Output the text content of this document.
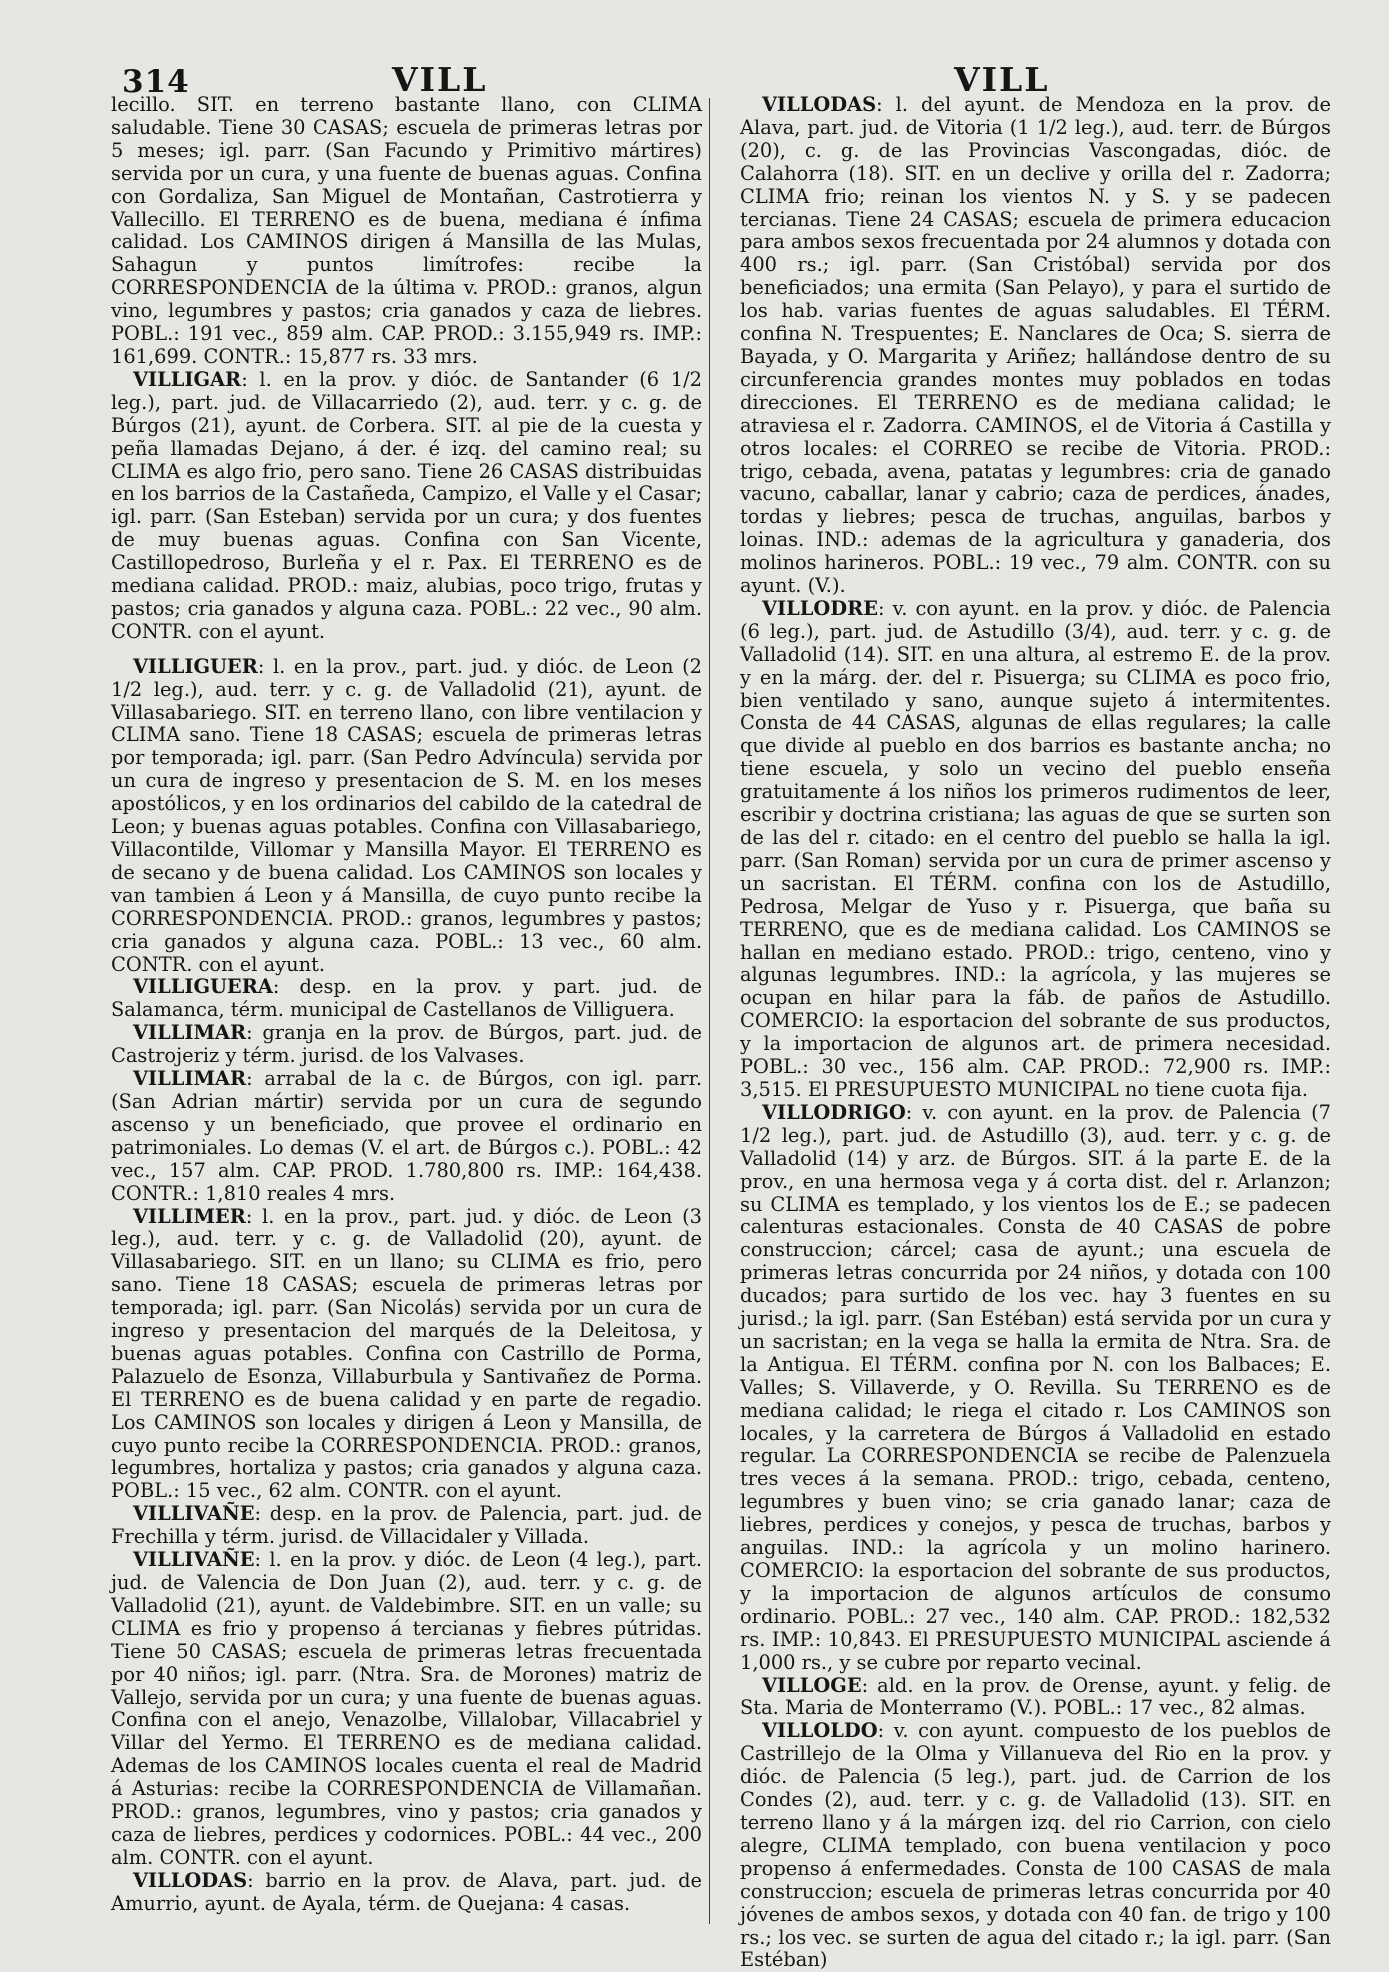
314	VILL	VILL

lecillo. SIT. en terreno bastante llano, con CLIMA saludable. Tiene 30 CASAS; escuela de primeras letras por 5 meses; igl. parr. (San Facundo y Primitivo mártires) servida por un cura, y una fuente de buenas aguas. Confina con Gordaliza, San Miguel de Montañan, Castrotierra y Vallecillo. El TERRENO es de buena, mediana é ínfima calidad. Los CAMINOS dirigen á Mansilla de las Mulas, Sahagun y puntos limítrofes: recibe la CORRESPONDENCIA de la última v. PROD.: granos, algun vino, legumbres y pastos; cria ganados y caza de liebres. POBL.: 191 vec., 859 alm. CAP. PROD.: 3.155,949 rs. IMP.: 161,699. CONTR.: 15,877 rs. 33 mrs.

VILLIGAR: l. en la prov. y dióc. de Santander (6 1/2 leg.), part. jud. de Villacarriedo (2), aud. terr. y c. g. de Búrgos (21), ayunt. de Corbera. SIT. al pie de la cuesta y peña llamadas Dejano, á der. é izq. del camino real; su CLIMA es algo frio, pero sano. Tiene 26 CASAS distribuidas en los barrios de la Castañeda, Campizo, el Valle y el Casar; igl. parr. (San Esteban) servida por un cura; y dos fuentes de muy buenas aguas. Confina con San Vicente, Castillopedroso, Burleña y el r. Pax. El TERRENO es de mediana calidad. PROD.: maiz, alubias, poco trigo, frutas y pastos; cria ganados y alguna caza. POBL.: 22 vec., 90 alm. CONTR. con el ayunt.

VILLIGUER: l. en la prov., part. jud. y dióc. de Leon (2 1/2 leg.), aud. terr. y c. g. de Valladolid (21), ayunt. de Villasabariego. SIT. en terreno llano, con libre ventilacion y CLIMA sano. Tiene 18 CASAS; escuela de primeras letras por temporada; igl. parr. (San Pedro Advíncula) servida por un cura de ingreso y presentacion de S. M. en los meses apostólicos, y en los ordinarios del cabildo de la catedral de Leon; y buenas aguas potables. Confina con Villasabariego, Villacontilde, Villomar y Mansilla Mayor. El TERRENO es de secano y de buena calidad. Los CAMINOS son locales y van tambien á Leon y á Mansilla, de cuyo punto recibe la CORRESPONDENCIA. PROD.: granos, legumbres y pastos; cria ganados y alguna caza. POBL.: 13 vec., 60 alm. CONTR. con el ayunt.

VILLIGUERA: desp. en la prov. y part. jud. de Salamanca, térm. municipal de Castellanos de Villiguera.

VILLIMAR: granja en la prov. de Búrgos, part. jud. de Castrojeriz y térm. jurisd. de los Valvases.

VILLIMAR: arrabal de la c. de Búrgos, con igl. parr. (San Adrian mártir) servida por un cura de segundo ascenso y un beneficiado, que provee el ordinario en patrimoniales. Lo demas (V. el art. de Búrgos c.). POBL.: 42 vec., 157 alm. CAP. PROD. 1.780,800 rs. IMP.: 164,438. CONTR.: 1,810 reales 4 mrs.

VILLIMER: l. en la prov., part. jud. y dióc. de Leon (3 leg.), aud. terr. y c. g. de Valladolid (20), ayunt. de Villasabariego. SIT. en un llano; su CLIMA es frio, pero sano. Tiene 18 CASAS; escuela de primeras letras por temporada; igl. parr. (San Nicolás) servida por un cura de ingreso y presentacion del marqués de la Deleitosa, y buenas aguas potables. Confina con Castrillo de Porma, Palazuelo de Esonza, Villaburbula y Santivañez de Porma. El TERRENO es de buena calidad y en parte de regadio. Los CAMINOS son locales y dirigen á Leon y Mansilla, de cuyo punto recibe la CORRESPONDENCIA. PROD.: granos, legumbres, hortaliza y pastos; cria ganados y alguna caza. POBL.: 15 vec., 62 alm. CONTR. con el ayunt.

VILLIVAÑE: desp. en la prov. de Palencia, part. jud. de Frechilla y térm. jurisd. de Villacidaler y Villada.

VILLIVAÑE: l. en la prov. y dióc. de Leon (4 leg.), part. jud. de Valencia de Don Juan (2), aud. terr. y c. g. de Valladolid (21), ayunt. de Valdebimbre. SIT. en un valle; su CLIMA es frio y propenso á tercianas y fiebres pútridas. Tiene 50 CASAS; escuela de primeras letras frecuentada por 40 niños; igl. parr. (Ntra. Sra. de Morones) matriz de Vallejo, servida por un cura; y una fuente de buenas aguas. Confina con el anejo, Venazolbe, Villalobar, Villacabriel y Villar del Yermo. El TERRENO es de mediana calidad. Ademas de los CAMINOS locales cuenta el real de Madrid á Asturias: recibe la CORRESPONDENCIA de Villamañan. PROD.: granos, legumbres, vino y pastos; cria ganados y caza de liebres, perdices y codornices. POBL.: 44 vec., 200 alm. CONTR. con el ayunt.

VILLODAS: barrio en la prov. de Alava, part. jud. de Amurrio, ayunt. de Ayala, térm. de Quejana: 4 casas.

VILLODAS: l. del ayunt. de Mendoza en la prov. de Alava, part. jud. de Vitoria (1 1/2 leg.), aud. terr. de Búrgos (20), c. g. de las Provincias Vascongadas, dióc. de Calahorra (18). SIT. en un declive y orilla del r. Zadorra; CLIMA frio; reinan los vientos N. y S. y se padecen tercianas. Tiene 24 CASAS; escuela de primera educacion para ambos sexos frecuentada por 24 alumnos y dotada con 400 rs.; igl. parr. (San Cristóbal) servida por dos beneficiados; una ermita (San Pelayo), y para el surtido de los hab. varias fuentes de aguas saludables. El TÉRM. confina N. Trespuentes; E. Nanclares de Oca; S. sierra de Bayada, y O. Margarita y Ariñez; hallándose dentro de su circunferencia grandes montes muy poblados en todas direcciones. El TERRENO es de mediana calidad; le atraviesa el r. Zadorra. CAMINOS, el de Vitoria á Castilla y otros locales: el CORREO se recibe de Vitoria. PROD.: trigo, cebada, avena, patatas y legumbres: cria de ganado vacuno, caballar, lanar y cabrio; caza de perdices, ánades, tordas y liebres; pesca de truchas, anguilas, barbos y loinas. IND.: ademas de la agricultura y ganaderia, dos molinos harineros. POBL.: 19 vec., 79 alm. CONTR. con su ayunt. (V.).

VILLODRE: v. con ayunt. en la prov. y dióc. de Palencia (6 leg.), part. jud. de Astudillo (3/4), aud. terr. y c. g. de Valladolid (14). SIT. en una altura, al estremo E. de la prov. y en la márg. der. del r. Pisuerga; su CLIMA es poco frio, bien ventilado y sano, aunque sujeto á intermitentes. Consta de 44 CASAS, algunas de ellas regulares; la calle que divide al pueblo en dos barrios es bastante ancha; no tiene escuela, y solo un vecino del pueblo enseña gratuitamente á los niños los primeros rudimentos de leer, escribir y doctrina cristiana; las aguas de que se surten son de las del r. citado: en el centro del pueblo se halla la igl. parr. (San Roman) servida por un cura de primer ascenso y un sacristan. El TÉRM. confina con los de Astudillo, Pedrosa, Melgar de Yuso y r. Pisuerga, que baña su TERRENO, que es de mediana calidad. Los CAMINOS se hallan en mediano estado. PROD.: trigo, centeno, vino y algunas legumbres. IND.: la agrícola, y las mujeres se ocupan en hilar para la fáb. de paños de Astudillo. COMERCIO: la esportacion del sobrante de sus productos, y la importacion de algunos art. de primera necesidad. POBL.: 30 vec., 156 alm. CAP. PROD.: 72,900 rs. IMP.: 3,515. El PRESUPUESTO MUNICIPAL no tiene cuota fija.

VILLODRIGO: v. con ayunt. en la prov. de Palencia (7 1/2 leg.), part. jud. de Astudillo (3), aud. terr. y c. g. de Valladolid (14) y arz. de Búrgos. SIT. á la parte E. de la prov., en una hermosa vega y á corta dist. del r. Arlanzon; su CLIMA es templado, y los vientos los de E.; se padecen calenturas estacionales. Consta de 40 CASAS de pobre construccion; cárcel; casa de ayunt.; una escuela de primeras letras concurrida por 24 niños, y dotada con 100 ducados; para surtido de los vec. hay 3 fuentes en su jurisd.; la igl. parr. (San Estéban) está servida por un cura y un sacristan; en la vega se halla la ermita de Ntra. Sra. de la Antigua. El TÉRM. confina por N. con los Balbaces; E. Valles; S. Villaverde, y O. Revilla. Su TERRENO es de mediana calidad; le riega el citado r. Los CAMINOS son locales, y la carretera de Búrgos á Valladolid en estado regular. La CORRESPONDENCIA se recibe de Palenzuela tres veces á la semana. PROD.: trigo, cebada, centeno, legumbres y buen vino; se cria ganado lanar; caza de liebres, perdices y conejos, y pesca de truchas, barbos y anguilas. IND.: la agrícola y un molino harinero. COMERCIO: la esportacion del sobrante de sus productos, y la importacion de algunos artículos de consumo ordinario. POBL.: 27 vec., 140 alm. CAP. PROD.: 182,532 rs. IMP.: 10,843. El PRESUPUESTO MUNICIPAL asciende á 1,000 rs., y se cubre por reparto vecinal.

VILLOGE: ald. en la prov. de Orense, ayunt. y felig. de Sta. Maria de Monterramo (V.). POBL.: 17 vec., 82 almas.

VILLOLDO: v. con ayunt. compuesto de los pueblos de Castrillejo de la Olma y Villanueva del Rio en la prov. y dióc. de Palencia (5 leg.), part. jud. de Carrion de los Condes (2), aud. terr. y c. g. de Valladolid (13). SIT. en terreno llano y á la márgen izq. del rio Carrion, con cielo alegre, CLIMA templado, con buena ventilacion y poco propenso á enfermedades. Consta de 100 CASAS de mala construccion; escuela de primeras letras concurrida por 40 jóvenes de ambos sexos, y dotada con 40 fan. de trigo y 100 rs.; los vec. se surten de agua del citado r.; la igl. parr. (San Estéban)
